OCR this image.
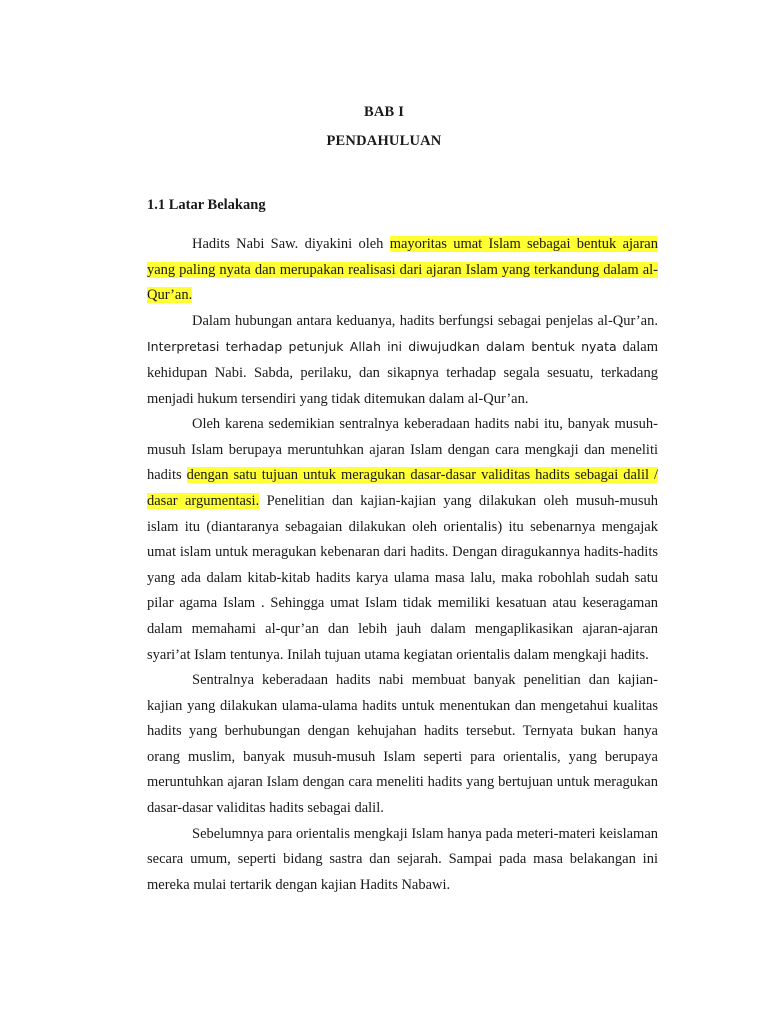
BAB I
PENDAHULUAN
1.1 Latar Belakang

Hadits Nabi Saw. diyakini oleh mayoritas umat Islam sebagai bentuk ajaran yang paling nyata dan merupakan realisasi dari ajaran Islam yang terkandung dalam al-Qur’an.

Dalam hubungan antara keduanya, hadits berfungsi sebagai penjelas al-Qur’an. Interpretasi terhadap petunjuk Allah ini diwujudkan dalam bentuk nyata dalam kehidupan Nabi. Sabda, perilaku, dan sikapnya terhadap segala sesuatu, terkadang menjadi hukum tersendiri yang tidak ditemukan dalam al-Qur’an.

Oleh karena sedemikian sentralnya keberadaan hadits nabi itu, banyak musuh-musuh Islam berupaya meruntuhkan ajaran Islam dengan cara mengkaji dan meneliti hadits dengan satu tujuan untuk meragukan dasar-dasar validitas hadits sebagai dalil / dasar argumentasi. Penelitian dan kajian-kajian yang dilakukan oleh musuh-musuh islam itu (diantaranya sebagaian dilakukan oleh orientalis) itu sebenarnya mengajak umat islam untuk meragukan kebenaran dari hadits. Dengan diragukannya hadits-hadits yang ada dalam kitab-kitab hadits karya ulama masa lalu, maka robohlah sudah satu pilar agama Islam . Sehingga umat Islam tidak memiliki kesatuan atau keseragaman dalam memahami al-qur’an dan lebih jauh dalam mengaplikasikan ajaran-ajaran syari’at Islam tentunya. Inilah tujuan utama kegiatan orientalis dalam mengkaji hadits.

Sentralnya keberadaan hadits nabi membuat banyak penelitian dan kajian-kajian yang dilakukan ulama-ulama hadits untuk menentukan dan mengetahui kualitas hadits yang berhubungan dengan kehujahan hadits tersebut. Ternyata bukan hanya orang muslim, banyak musuh-musuh Islam seperti para orientalis, yang berupaya meruntuhkan ajaran Islam dengan cara meneliti hadits yang bertujuan untuk meragukan dasar-dasar validitas hadits sebagai dalil.

Sebelumnya para orientalis mengkaji Islam hanya pada meteri-materi keislaman secara umum, seperti bidang sastra dan sejarah. Sampai pada masa belakangan ini mereka mulai tertarik dengan kajian Hadits Nabawi.
